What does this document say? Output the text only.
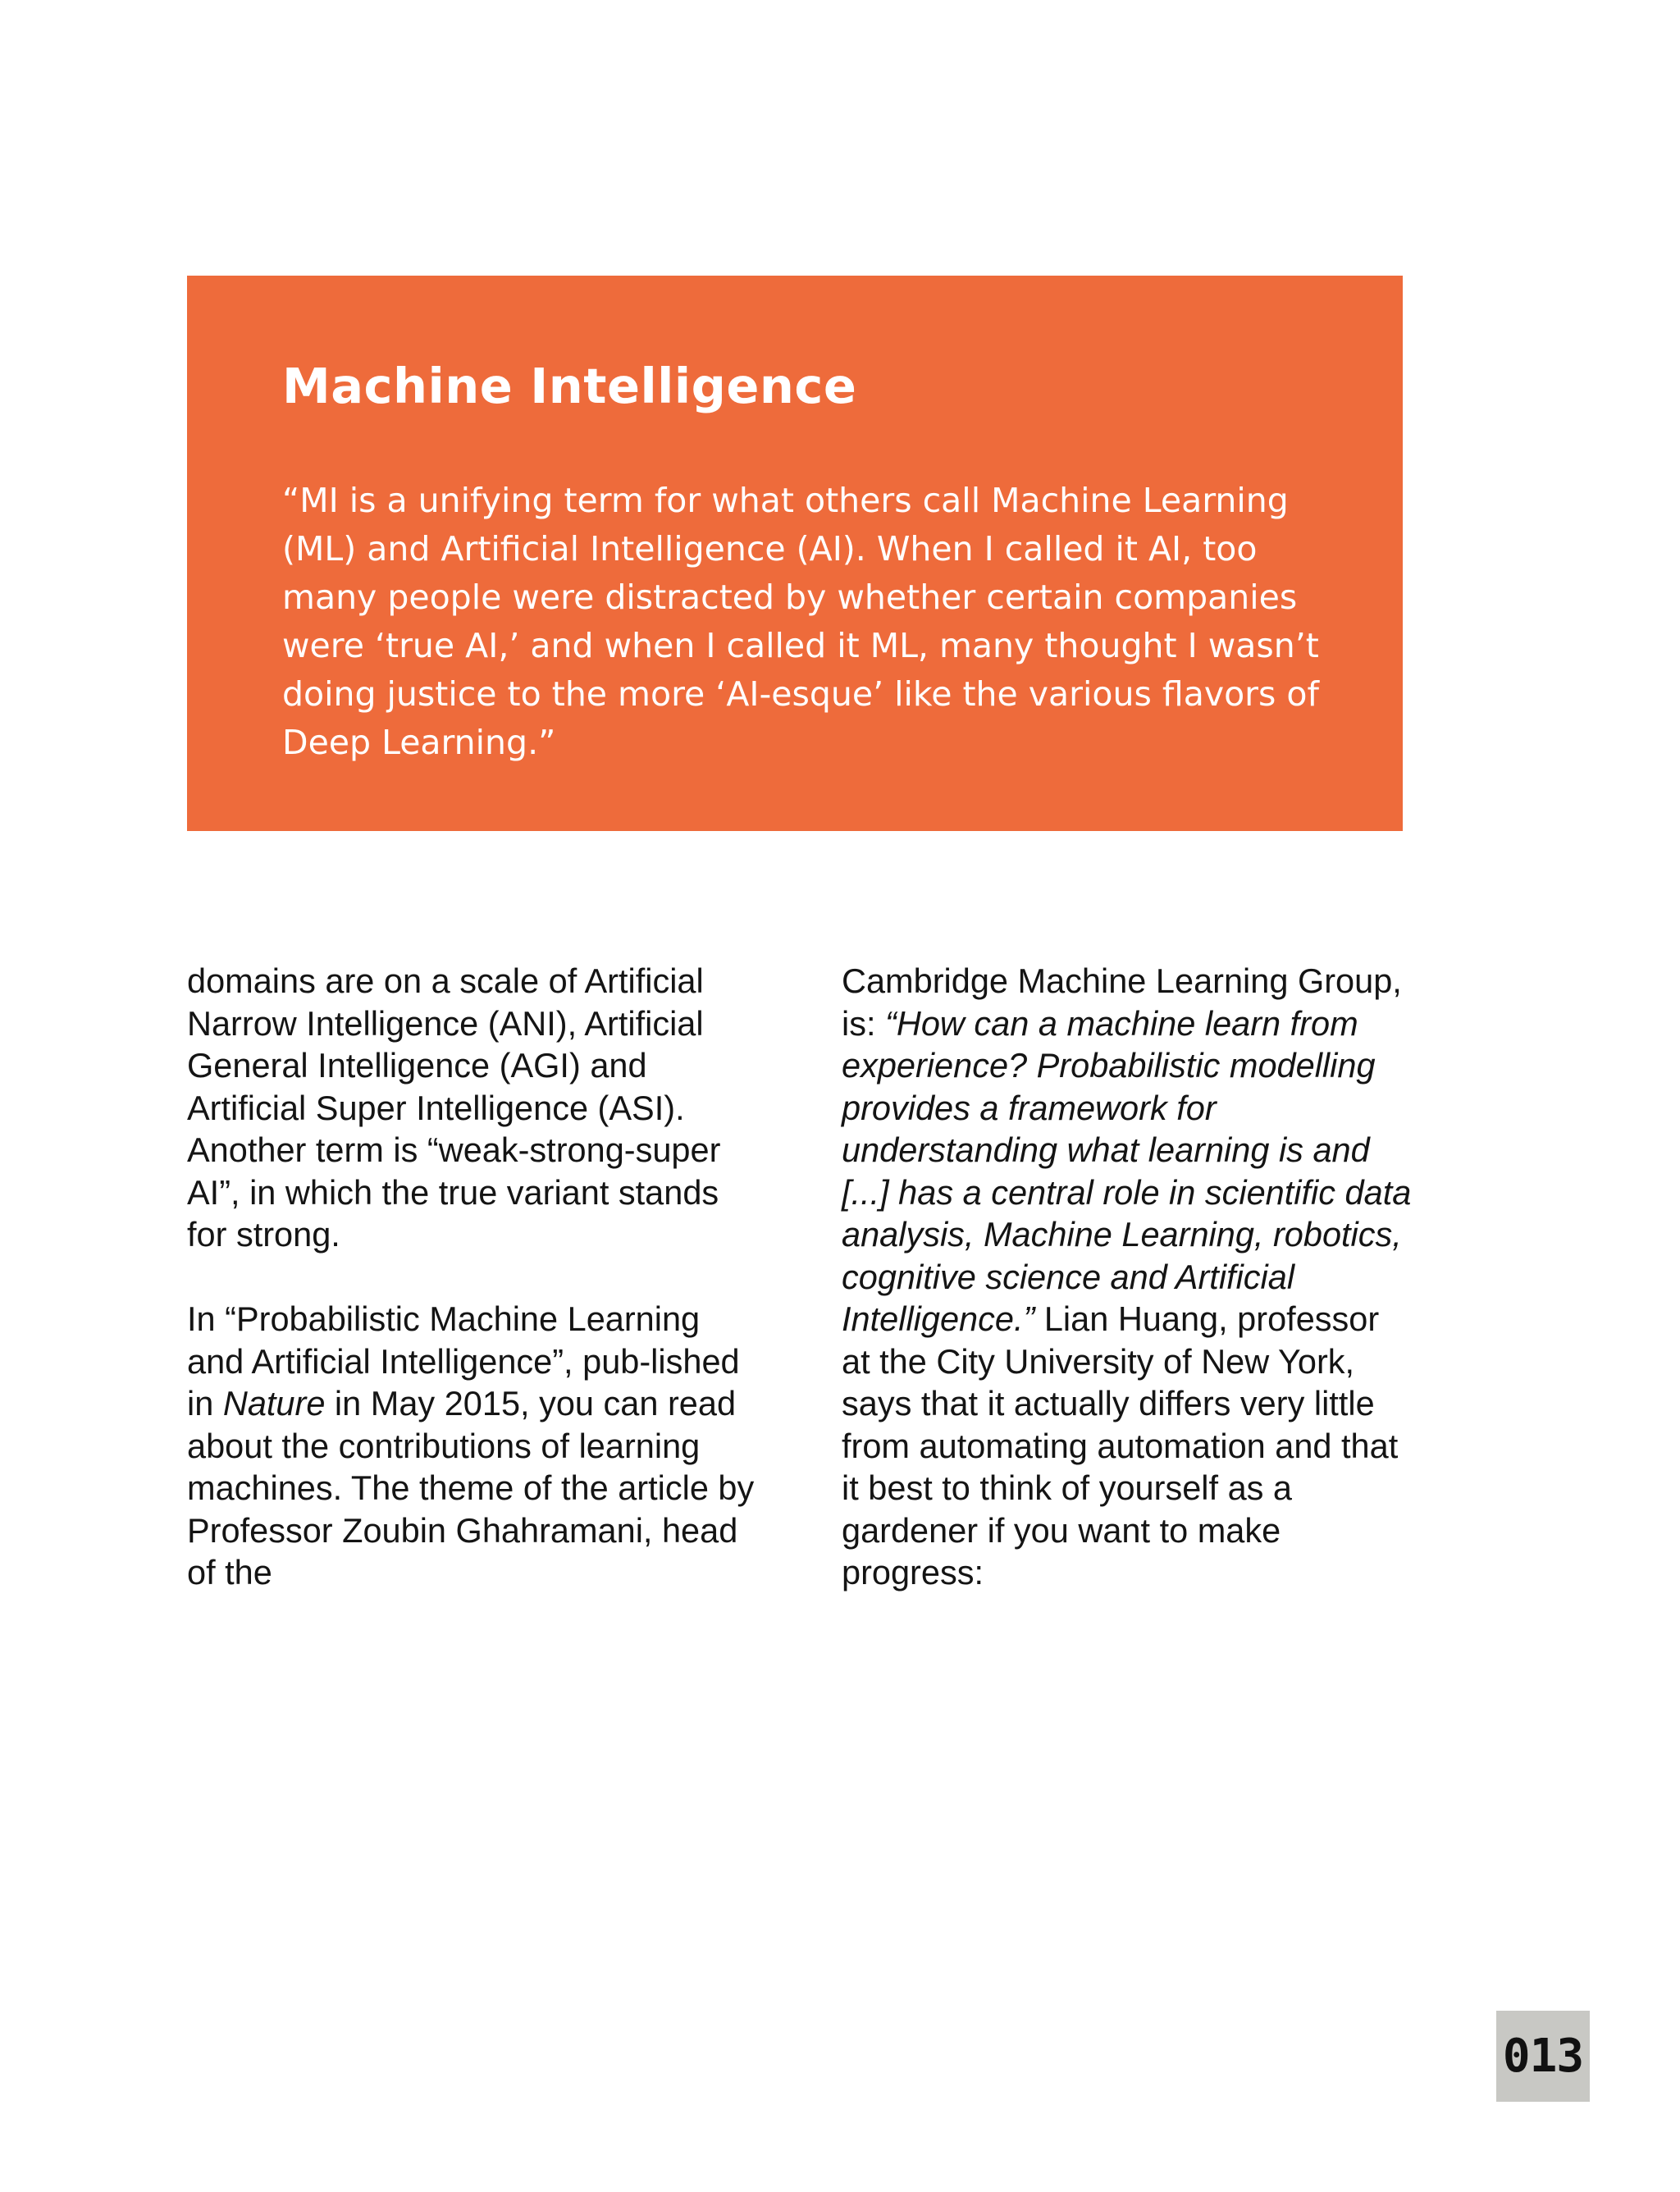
Machine Intelligence

“MI is a unifying term for what others call Machine Learning (ML) and Artificial Intelligence (AI). When I called it AI, too many people were distracted by whether certain companies were ‘true AI,’ and when I called it ML, many thought I wasn’t doing justice to the more ‘AI-esque’ like the various flavors of Deep Learning.”

domains are on a scale of Artificial Narrow Intelligence (ANI), Artificial General Intelligence (AGI) and Artificial Super Intelligence (ASI). Another term is “weak-strong-super AI”, in which the true variant stands for strong.

In “Probabilistic Machine Learning and Artificial Intelligence”, pub-lished in Nature in May 2015, you can read about the contributions of learning machines. The theme of the article by Professor Zoubin Ghahramani, head of the

Cambridge Machine Learning Group, is: “How can a machine learn from experience? Probabilistic modelling provides a framework for understanding what learning is and [...] has a central role in scientific data analysis, Machine Learning, robotics, cognitive science and Artificial Intelligence.” Lian Huang, professor at the City University of New York, says that it actually differs very little from automating automation and that it best to think of yourself as a gardener if you want to make progress:

013
